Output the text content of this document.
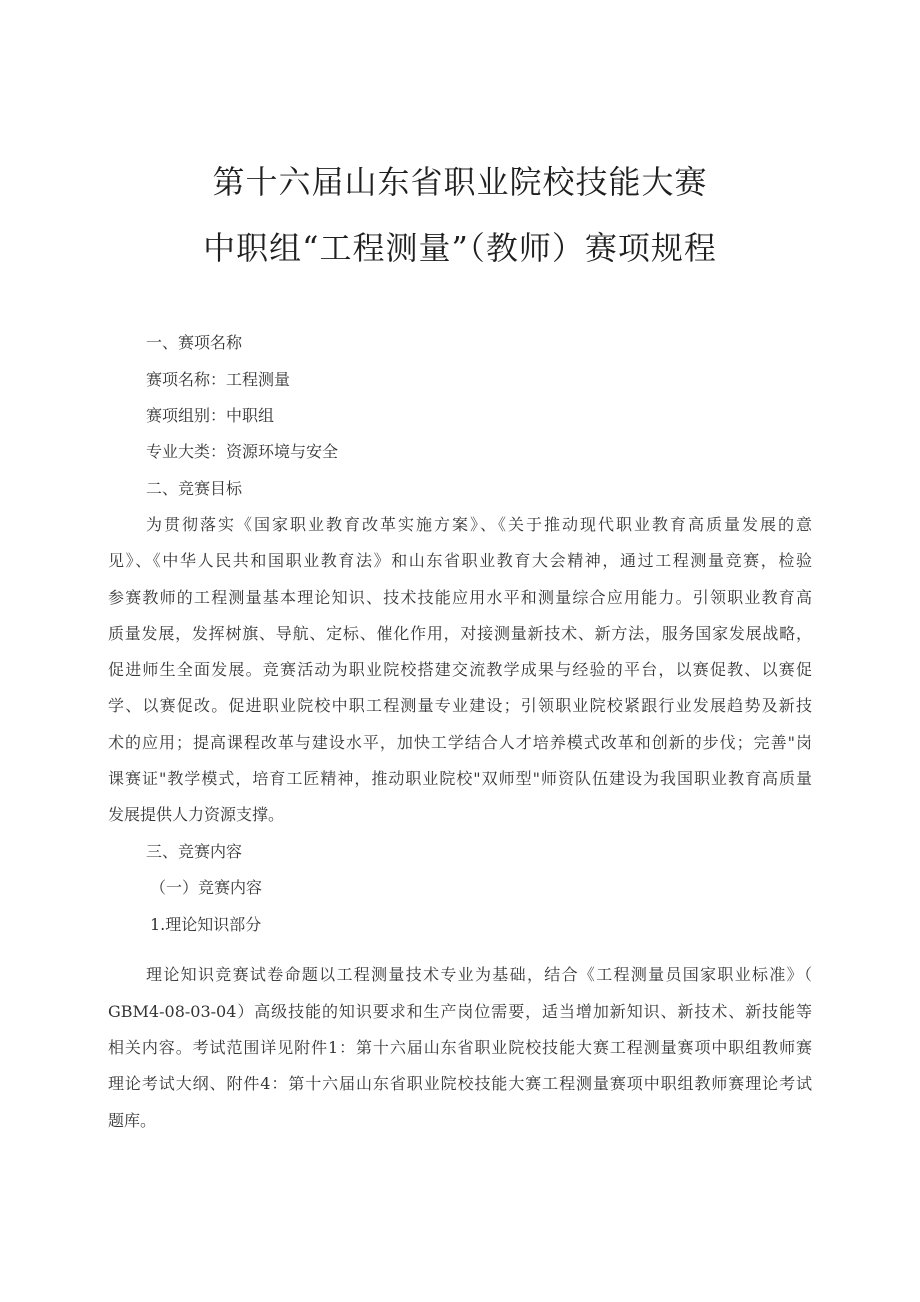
第十六届山东省职业院校技能大赛
中职组“工程测量”（教师）赛项规程
一、赛项名称
赛项名称：工程测量
赛项组别：中职组
专业大类：资源环境与安全
二、竞赛目标
为贯彻落实《国家职业教育改革实施方案》、《关于推动现代职业教育高质量发展的意
见》、《中华人民共和国职业教育法》和山东省职业教育大会精神，通过工程测量竞赛，检验
参赛教师的工程测量基本理论知识、技术技能应用水平和测量综合应用能力。引领职业教育高
质量发展，发挥树旗、导航、定标、催化作用，对接测量新技术、新方法，服务国家发展战略，
促进师生全面发展。竞赛活动为职业院校搭建交流教学成果与经验的平台，以赛促教、以赛促
学、以赛促改。促进职业院校中职工程测量专业建设；引领职业院校紧跟行业发展趋势及新技
术的应用；提高课程改革与建设水平，加快工学结合人才培养模式改革和创新的步伐；完善"岗
课赛证"教学模式，培育工匠精神，推动职业院校"双师型"师资队伍建设为我国职业教育高质量
发展提供人力资源支撑。
三、竞赛内容
（一）竞赛内容
1.理论知识部分
理论知识竞赛试卷命题以工程测量技术专业为基础，结合《工程测量员国家职业标准》（
GBM4-08-03-04）高级技能的知识要求和生产岗位需要，适当增加新知识、新技术、新技能等
相关内容。考试范围详见附件1：第十六届山东省职业院校技能大赛工程测量赛项中职组教师赛
理论考试大纲、附件4：第十六届山东省职业院校技能大赛工程测量赛项中职组教师赛理论考试
题库。
